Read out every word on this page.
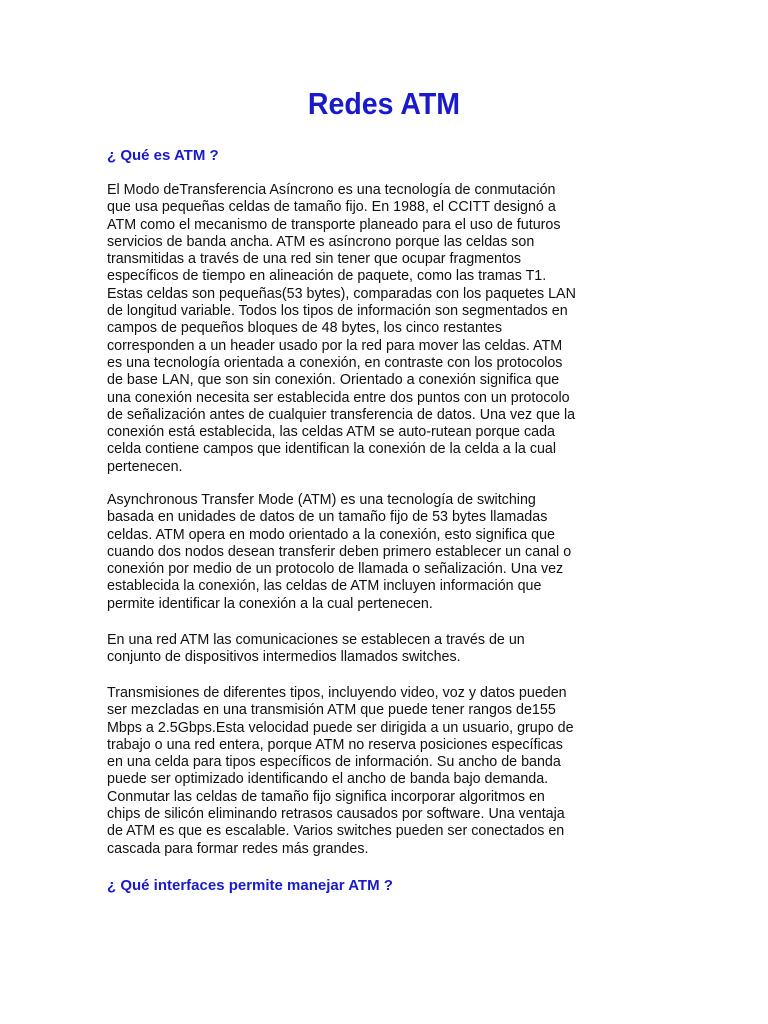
Redes ATM
¿ Qué es ATM ?

El Modo deTransferencia Asíncrono es una tecnología de conmutación
que usa pequeñas celdas de tamaño fijo. En 1988, el CCITT designó a
ATM como el mecanismo de transporte planeado para el uso de futuros
servicios de banda ancha. ATM es asíncrono porque las celdas son
transmitidas a través de una red sin tener que ocupar fragmentos
específicos de tiempo en alineación de paquete, como las tramas T1.
Estas celdas son pequeñas(53 bytes), comparadas con los paquetes LAN
de longitud variable. Todos los tipos de información son segmentados en
campos de pequeños bloques de 48 bytes, los cinco restantes
corresponden a un header usado por la red para mover las celdas. ATM
es una tecnología orientada a conexión, en contraste con los protocolos
de base LAN, que son sin conexión. Orientado a conexión significa que
una conexión necesita ser establecida entre dos puntos con un protocolo
de señalización antes de cualquier transferencia de datos. Una vez que la
conexión está establecida, las celdas ATM se auto-rutean porque cada
celda contiene campos que identifican la conexión de la celda a la cual
pertenecen.

Asynchronous Transfer Mode (ATM) es una tecnología de switching
basada en unidades de datos de un tamaño fijo de 53 bytes llamadas
celdas. ATM opera en modo orientado a la conexión, esto significa que
cuando dos nodos desean transferir deben primero establecer un canal o
conexión por medio de un protocolo de llamada o señalización. Una vez
establecida la conexión, las celdas de ATM incluyen información que
permite identificar la conexión a la cual pertenecen.

En una red ATM las comunicaciones se establecen a través de un
conjunto de dispositivos intermedios llamados switches.

Transmisiones de diferentes tipos, incluyendo video, voz y datos pueden
ser mezcladas en una transmisión ATM que puede tener rangos de155
Mbps a 2.5Gbps.Esta velocidad puede ser dirigida a un usuario, grupo de
trabajo o una red entera, porque ATM no reserva posiciones específicas
en una celda para tipos específicos de información. Su ancho de banda
puede ser optimizado identificando el ancho de banda bajo demanda.
Conmutar las celdas de tamaño fijo significa incorporar algoritmos en
chips de silicón eliminando retrasos causados por software. Una ventaja
de ATM es que es escalable. Varios switches pueden ser conectados en
cascada para formar redes más grandes.

¿ Qué interfaces permite manejar ATM ?
